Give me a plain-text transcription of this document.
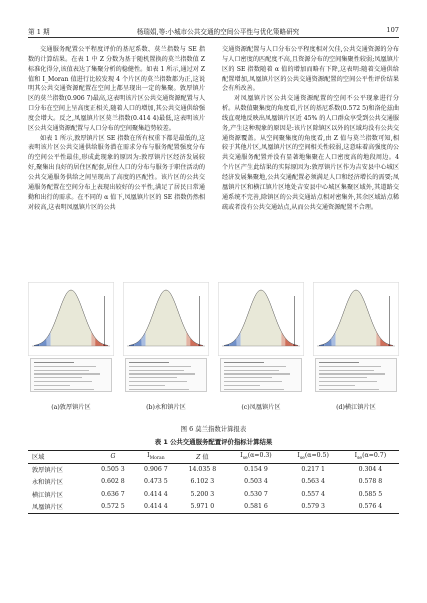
第 1 期	杨瑞娟,等:小城市公共交通的空间公平性与优化策略研究	107

交通服务配置公平程度评价的基尼系数、莫兰指数与 SE 指数的计算结果。在表 1 中 Z 分数为基于随机置换的莫兰指数值 Z 标准化得分,该值表达了集聚分析的稳健性。如表 1 所示,通过对 Z 值和 I_Moran 值进行比较发现 4 个片区的莫兰指数都为正,这说明其公共交通资源配置在空间上都呈现出一定的集聚。敦厚镇片区的莫兰指数(0.906 7)最高,这表明该片区公共交通资源配置与人口分布在空间上呈高度正相关,随着人口的增加,其公共交通供给强度会增大。反之,凤凰镇片区莫兰指数(0.414 4)最低,这表明该片区公共交通资源配置与人口分布的空间聚集趋势较差。

如表 1 所示,敦厚镇片区 SE 指数在所有权重下都是最低的,这表明该片区公共交通供给服务潜在需求分布与服务配置强度分布的空间公平性最佳,形成此现象的原因为:敦厚镇片区经济发展较好,聚集出良好的居住区配套,居住人口的分布与服务于职住活动的公共交通服务供给之间呈现出了高度的匹配性。该片区的公共交通服务配置在空间分布上表现出较好的公平性,满足了居民日常通勤和出行的需求。在不同的 α 值下,凤凰镇片区的 SE 指数仍然相对较高,这表明凤凰镇片区的公共

交通资源配置与人口分布公平程度相对欠佳,公共交通资源的分布与人口密度的匹配度不高,且资源分布的空间集聚性较弱;凤凰镇片区的 SE 指数随着 α 值的增加而略有下降,这表明:随着交通供给配置增加,凤凰镇片区的公共交通资源配置的空间公平性评价结果会有所改善。

对凤凰镇片区公共交通资源配置的空间不公平现象进行分析。从数值聚集度的角度看,片区的基尼系数(0.572 5)和洛伦兹曲线直观地反映出凤凰镇片区近 45% 的人口群众享受到公共交通服务,产生这种现象的原因是:该片区除镇区以外的区域均没有公共交通资源覆盖。从空间聚集度的角度看,由 Z 值与莫兰指数可知,相较于其他片区,凤凰镇片区的空间相关性较弱,这意味着高强度的公共交通服务配置并没有显著地集聚在人口密度高的地段周边。4 个片区产生此结果的实际原因为:敦厚镇片区作为吉安县中心城区经济发展集聚地,公共交通配置必须满足人口和经济增长的需要;凤凰镇片区和横江镇片区地处吉安县中心城区集聚区域外,其道路交通系统不完善,除镇区的公共交通站点相对密集外,其余区域站点稀疏或者没有公共交通站点,从而公共交通资源配置不合理。

(a)敦厚镇片区	(b)永和镇片区	(c)凤凰镇片区	(d)横江镇片区
图 6 莫兰指数计算报表
表 1 公共交通服务配置评价指标计算结果
区域	G	$I_{Moran}$	Z 值	$I_{se}(\alpha=0.3)$	$I_{se}(\alpha=0.5)$	$I_{se}(\alpha=0.7)$
敦厚镇片区	0.505 3	0.906 7	14.035 8	0.154 9	0.217 1	0.304 4
永和镇片区	0.602 8	0.473 5	6.102 3	0.503 4	0.563 4	0.578 8
横江镇片区	0.636 7	0.414 4	5.200 3	0.530 7	0.557 4	0.585 5
凤凰镇片区	0.572 5	0.414 4	5.971 0	0.581 6	0.579 3	0.576 4
